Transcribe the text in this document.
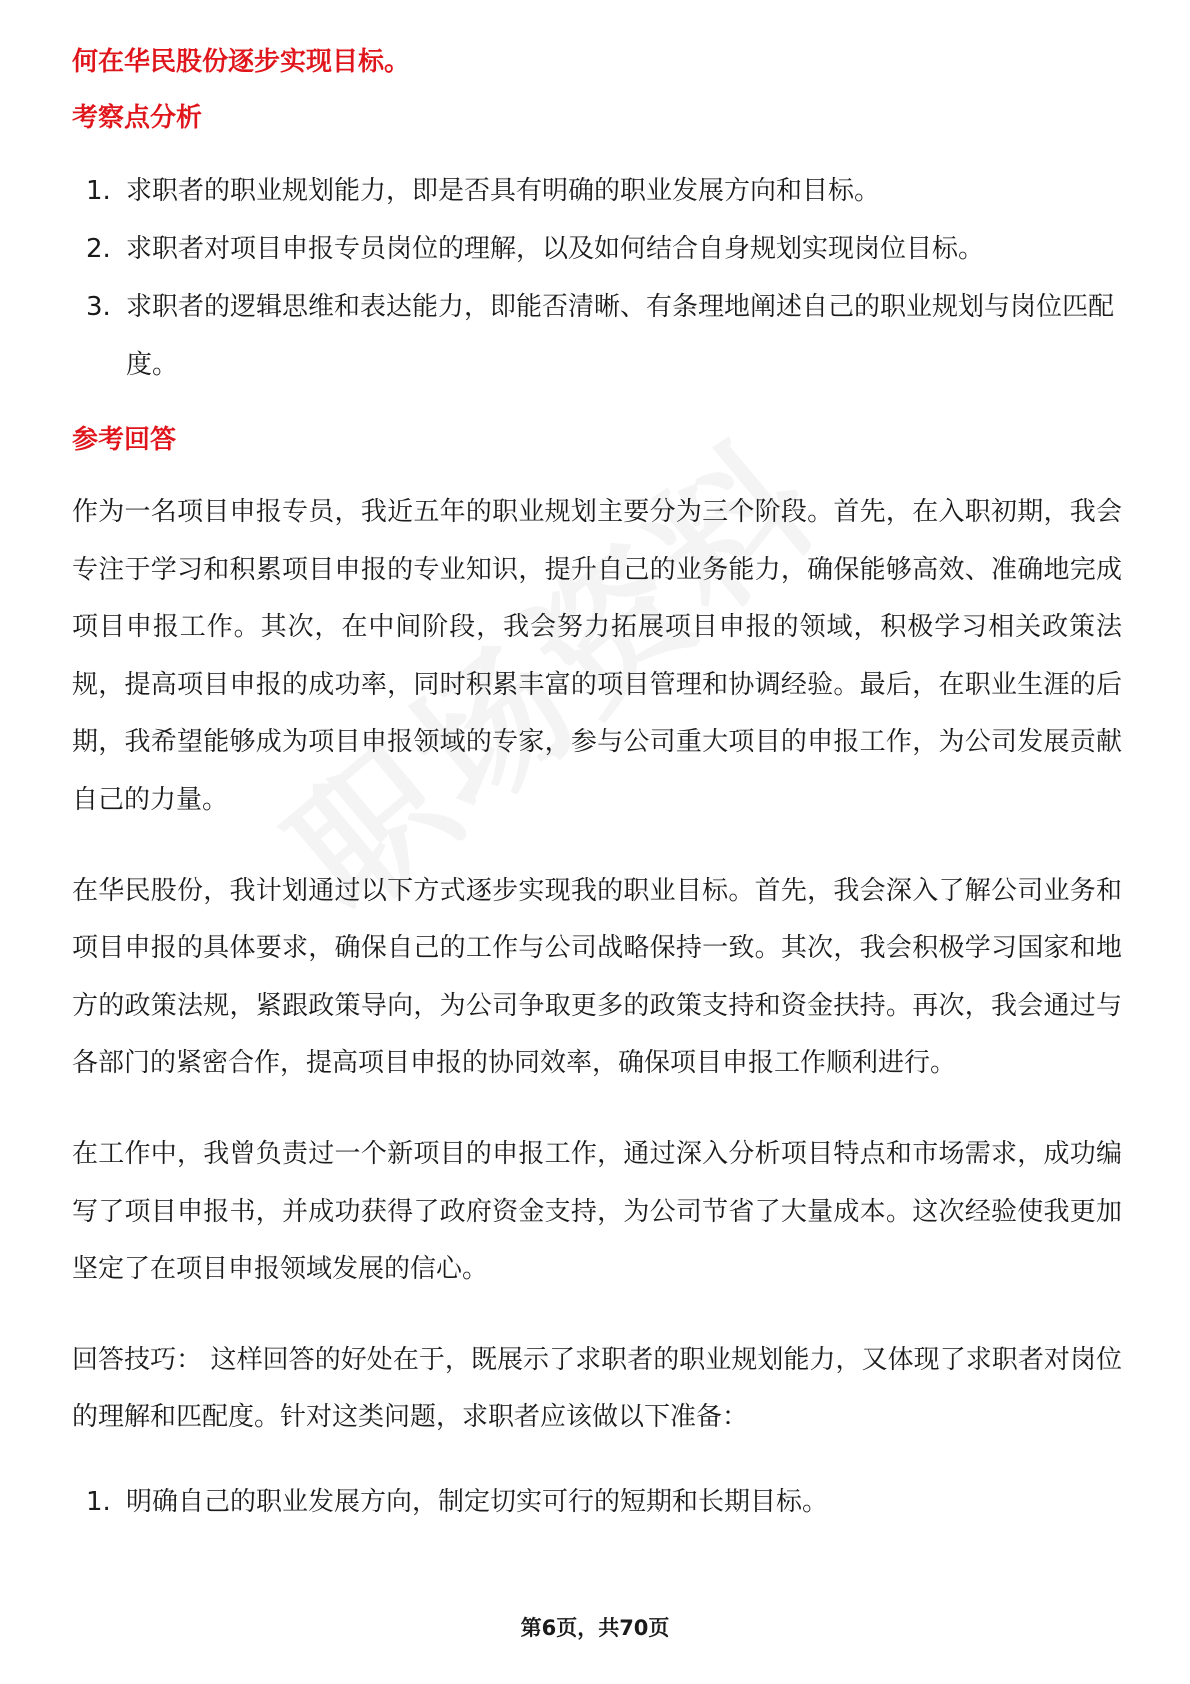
何在华民股份逐步实现目标。

考察点分析
1. 求职者的职业规划能力，即是否具有明确的职业发展方向和目标。
2. 求职者对项目申报专员岗位的理解，以及如何结合自身规划实现岗位目标。
3. 求职者的逻辑思维和表达能力，即能否清晰、有条理地阐述自己的职业规划与岗位匹配度。
参考回答

作为一名项目申报专员，我近五年的职业规划主要分为三个阶段。首先，在入职初期，我会专注于学习和积累项目申报的专业知识，提升自己的业务能力，确保能够高效、准确地完成项目申报工作。其次，在中间阶段，我会努力拓展项目申报的领域，积极学习相关政策法规，提高项目申报的成功率，同时积累丰富的项目管理和协调经验。最后，在职业生涯的后期，我希望能够成为项目申报领域的专家，参与公司重大项目的申报工作，为公司发展贡献自己的力量。

在华民股份，我计划通过以下方式逐步实现我的职业目标。首先，我会深入了解公司业务和项目申报的具体要求，确保自己的工作与公司战略保持一致。其次，我会积极学习国家和地方的政策法规，紧跟政策导向，为公司争取更多的政策支持和资金扶持。再次，我会通过与各部门的紧密合作，提高项目申报的协同效率，确保项目申报工作顺利进行。

在工作中，我曾负责过一个新项目的申报工作，通过深入分析项目特点和市场需求，成功编写了项目申报书，并成功获得了政府资金支持，为公司节省了大量成本。这次经验使我更加坚定了在项目申报领域发展的信心。

回答技巧： 这样回答的好处在于，既展示了求职者的职业规划能力，又体现了求职者对岗位的理解和匹配度。针对这类问题，求职者应该做以下准备：

1. 明确自己的职业发展方向，制定切实可行的短期和长期目标。
第6页，共70页
